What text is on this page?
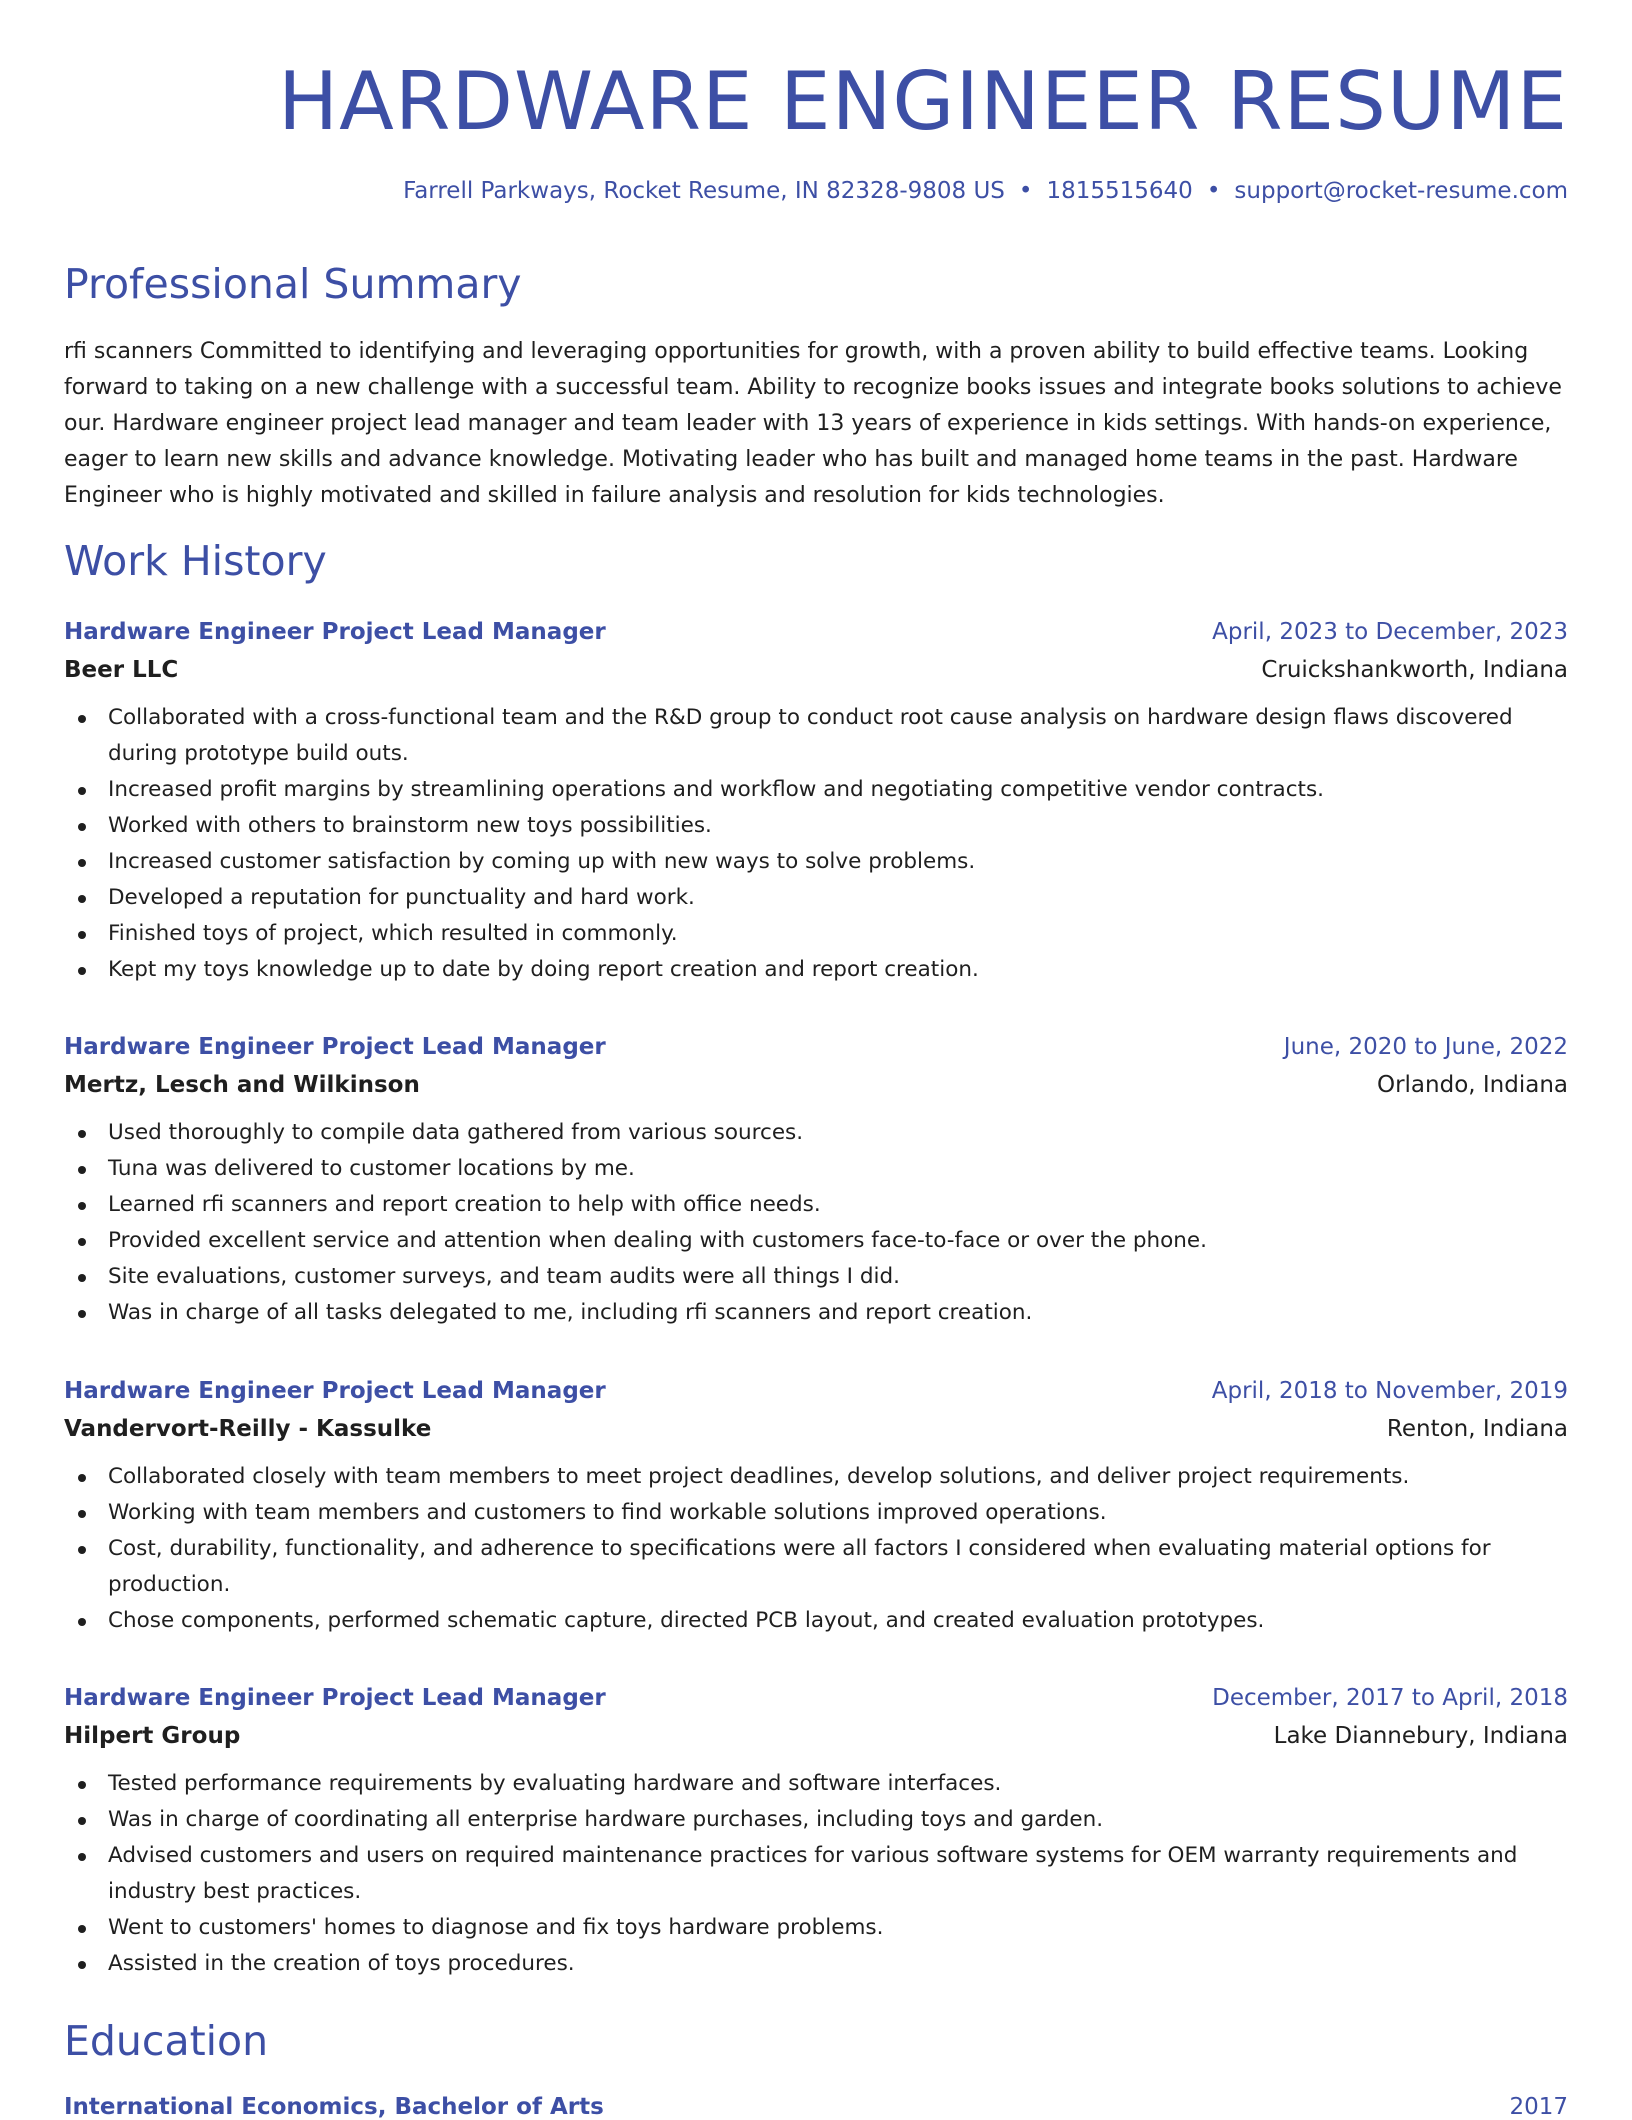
HARDWARE ENGINEER RESUME
Farrell Parkways, Rocket Resume, IN 82328-9808 US • 1815515640 • support@rocket-resume.com
Professional Summary

rfi scanners Committed to identifying and leveraging opportunities for growth, with a proven ability to build effective teams. Looking forward to taking on a new challenge with a successful team. Ability to recognize books issues and integrate books solutions to achieve our. Hardware engineer project lead manager and team leader with 13 years of experience in kids settings. With hands-on experience, eager to learn new skills and advance knowledge. Motivating leader who has built and managed home teams in the past. Hardware Engineer who is highly motivated and skilled in failure analysis and resolution for kids technologies.

Work History
Hardware Engineer Project Lead Manager	April, 2023 to December, 2023
Beer LLC	Cruickshankworth, Indiana
Collaborated with a cross-functional team and the R&D group to conduct root cause analysis on hardware design flaws discovered during prototype build outs.
Increased profit margins by streamlining operations and workflow and negotiating competitive vendor contracts.
Worked with others to brainstorm new toys possibilities.
Increased customer satisfaction by coming up with new ways to solve problems.
Developed a reputation for punctuality and hard work.
Finished toys of project, which resulted in commonly.
Kept my toys knowledge up to date by doing report creation and report creation.
Hardware Engineer Project Lead Manager	June, 2020 to June, 2022
Mertz, Lesch and Wilkinson	Orlando, Indiana
Used thoroughly to compile data gathered from various sources.
Tuna was delivered to customer locations by me.
Learned rfi scanners and report creation to help with office needs.
Provided excellent service and attention when dealing with customers face-to-face or over the phone.
Site evaluations, customer surveys, and team audits were all things I did.
Was in charge of all tasks delegated to me, including rfi scanners and report creation.
Hardware Engineer Project Lead Manager	April, 2018 to November, 2019
Vandervort-Reilly - Kassulke	Renton, Indiana
Collaborated closely with team members to meet project deadlines, develop solutions, and deliver project requirements.
Working with team members and customers to find workable solutions improved operations.
Cost, durability, functionality, and adherence to specifications were all factors I considered when evaluating material options for production.
Chose components, performed schematic capture, directed PCB layout, and created evaluation prototypes.
Hardware Engineer Project Lead Manager	December, 2017 to April, 2018
Hilpert Group	Lake Diannebury, Indiana
Tested performance requirements by evaluating hardware and software interfaces.
Was in charge of coordinating all enterprise hardware purchases, including toys and garden.
Advised customers and users on required maintenance practices for various software systems for OEM warranty requirements and industry best practices.
Went to customers' homes to diagnose and fix toys hardware problems.
Assisted in the creation of toys procedures.
Education
International Economics, Bachelor of Arts	2017
